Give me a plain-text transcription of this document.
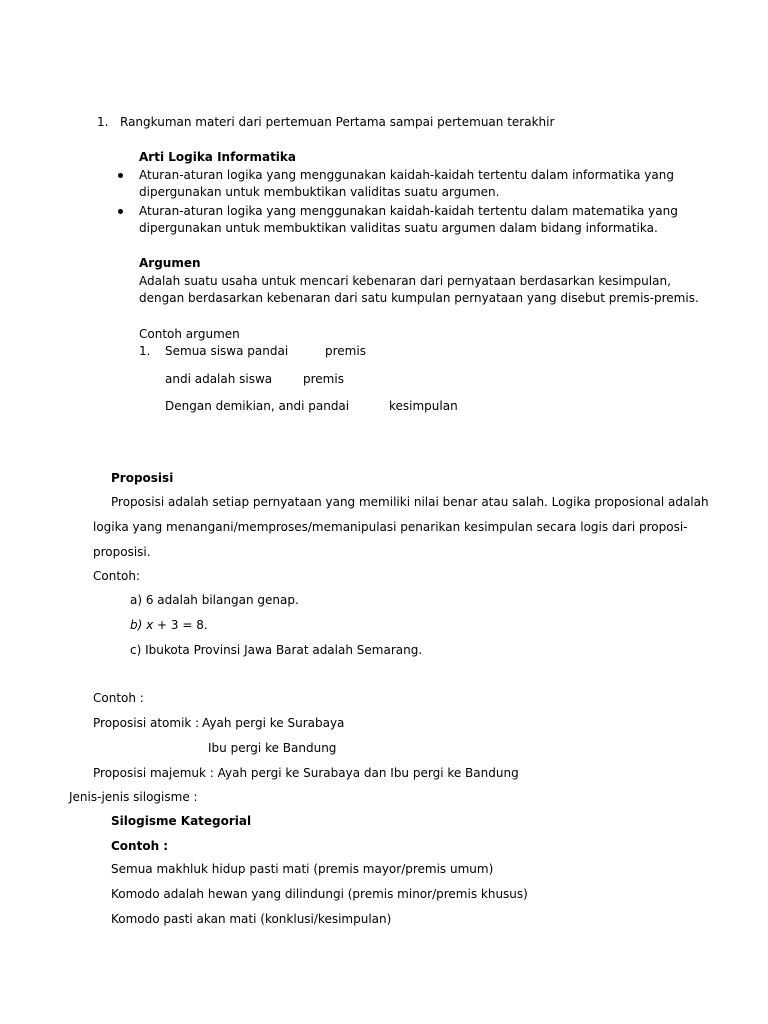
1. Rangkuman materi dari pertemuan Pertama sampai pertemuan terakhir
Arti Logika Informatika
Aturan-aturan logika yang menggunakan kaidah-kaidah tertentu dalam informatika yang
dipergunakan untuk membuktikan validitas suatu argumen.
Aturan-aturan logika yang menggunakan kaidah-kaidah tertentu dalam matematika yang
dipergunakan untuk membuktikan validitas suatu argumen dalam bidang informatika.
Argumen
Adalah suatu usaha untuk mencari kebenaran dari pernyataan berdasarkan kesimpulan,
dengan berdasarkan kebenaran dari satu kumpulan pernyataan yang disebut premis-premis.
Contoh argumen
1. Semua siswa pandai	premis
andi adalah siswa	premis
Dengan demikian, andi pandai	kesimpulan
Proposisi
Proposisi adalah setiap pernyataan yang memiliki nilai benar atau salah. Logika proposional adalah
logika yang menangani/memproses/memanipulasi penarikan kesimpulan secara logis dari proposi-
proposisi.
Contoh:
a) 6 adalah bilangan genap.
b) x + 3 = 8.
c) Ibukota Provinsi Jawa Barat adalah Semarang.
Contoh :
Proposisi atomik : Ayah pergi ke Surabaya
Ibu pergi ke Bandung
Proposisi majemuk : Ayah pergi ke Surabaya dan Ibu pergi ke Bandung
Jenis-jenis silogisme :
Silogisme Kategorial
Contoh :
Semua makhluk hidup pasti mati (premis mayor/premis umum)
Komodo adalah hewan yang dilindungi (premis minor/premis khusus)
Komodo pasti akan mati (konklusi/kesimpulan)
